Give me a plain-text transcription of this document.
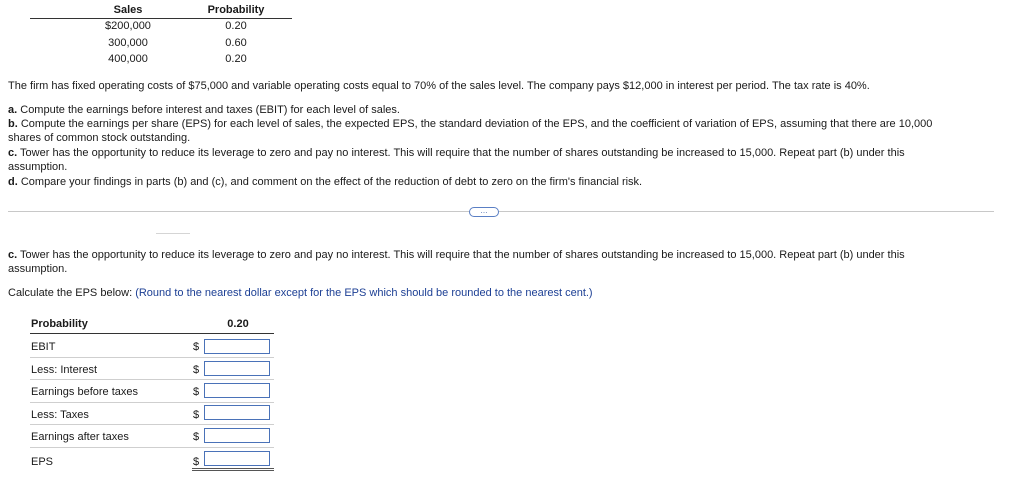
Sales	Probability
$200,000	0.20
300,000	0.60
400,000	0.20
The firm has fixed operating costs of $75,000 and variable operating costs equal to 70% of the sales level. The company pays $12,000 in interest per period. The tax rate is 40%.
a. Compute the earnings before interest and taxes (EBIT) for each level of sales.
b. Compute the earnings per share (EPS) for each level of sales, the expected EPS, the standard deviation of the EPS, and the coefficient of variation of EPS, assuming that there are 10,000
shares of common stock outstanding.
c. Tower has the opportunity to reduce its leverage to zero and pay no interest. This will require that the number of shares outstanding be increased to 15,000. Repeat part (b) under this
assumption.
d. Compare your findings in parts (b) and (c), and comment on the effect of the reduction of debt to zero on the firm's financial risk.
…
c. Tower has the opportunity to reduce its leverage to zero and pay no interest. This will require that the number of shares outstanding be increased to 15,000. Repeat part (b) under this
assumption.
Calculate the EPS below: (Round to the nearest dollar except for the EPS which should be rounded to the nearest cent.)
Probability	0.20
EBIT	$
Less: Interest	$
Earnings before taxes	$
Less: Taxes	$
Earnings after taxes	$
EPS	$
